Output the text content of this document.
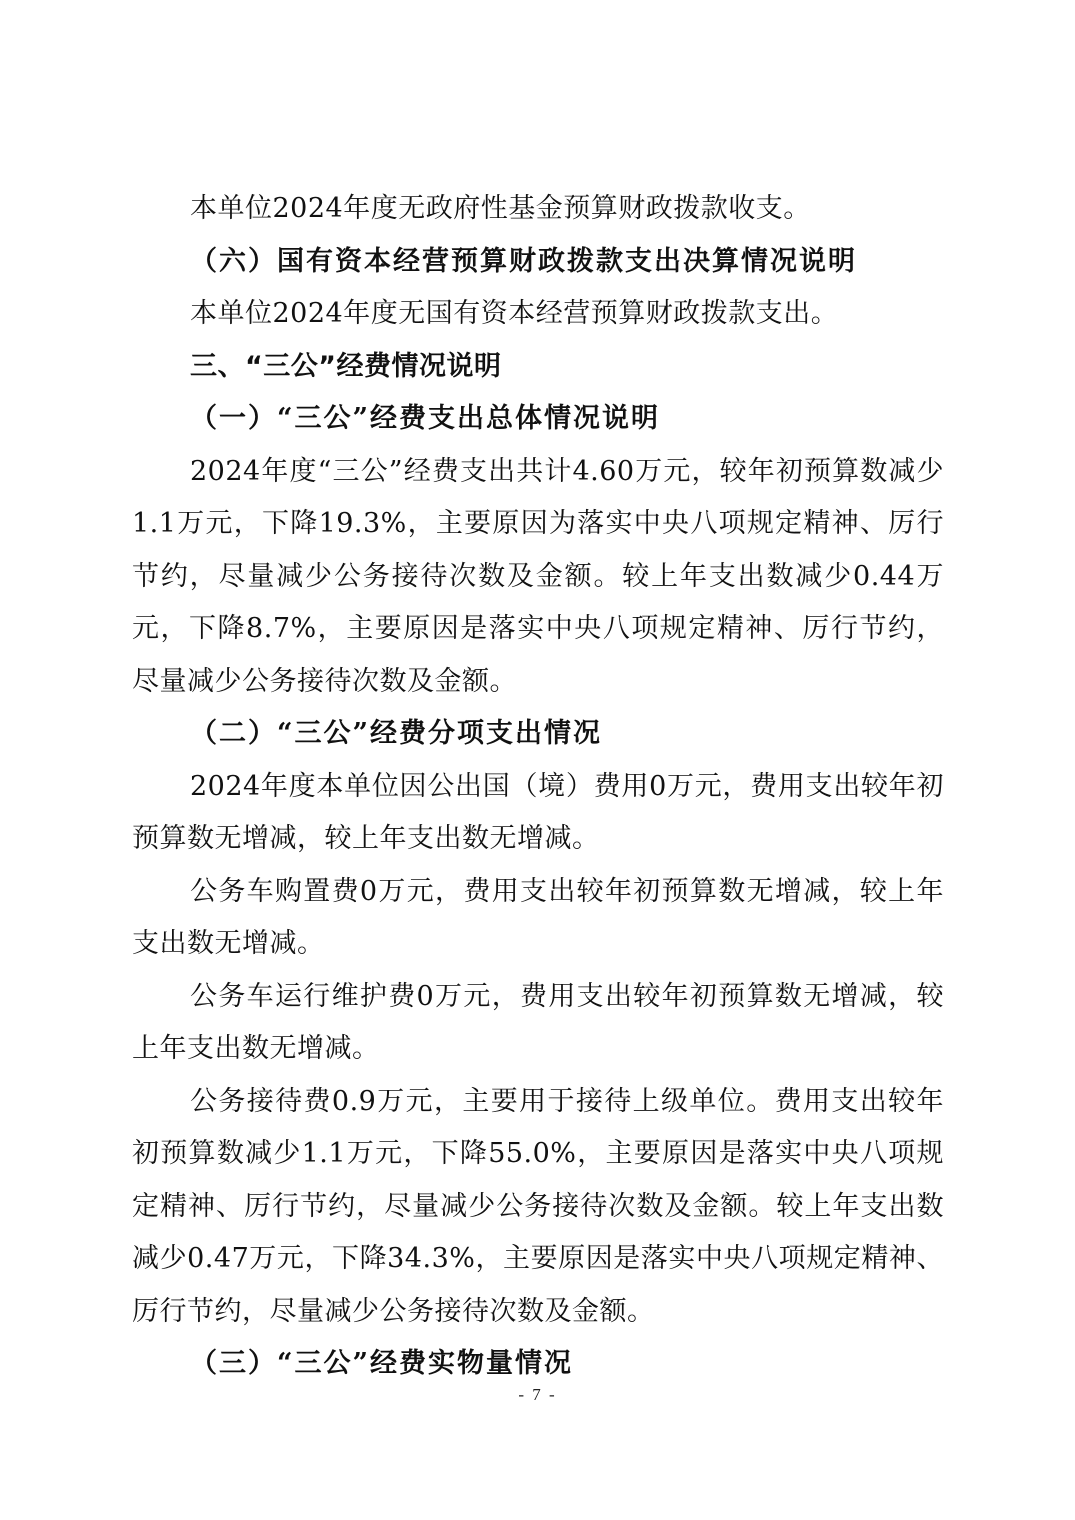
本单位2024年度无政府性基金预算财政拨款收支。

（六）国有资本经营预算财政拨款支出决算情况说明

本单位2024年度无国有资本经营预算财政拨款支出。

三、“三公”经费情况说明

（一）“三公”经费支出总体情况说明

2024年度“三公”经费支出共计4.60万元，较年初预算数减少1.1万元，下降19.3%，主要原因为落实中央八项规定精神、厉行节约，尽量减少公务接待次数及金额。较上年支出数减少0.44万元，下降8.7%，主要原因是落实中央八项规定精神、厉行节约，尽量减少公务接待次数及金额。

（二）“三公”经费分项支出情况

2024年度本单位因公出国（境）费用0万元，费用支出较年初预算数无增减，较上年支出数无增减。

公务车购置费0万元，费用支出较年初预算数无增减，较上年支出数无增减。

公务车运行维护费0万元，费用支出较年初预算数无增减，较上年支出数无增减。

公务接待费0.9万元，主要用于接待上级单位。费用支出较年初预算数减少1.1万元，下降55.0%，主要原因是落实中央八项规定精神、厉行节约，尽量减少公务接待次数及金额。较上年支出数减少0.47万元，下降34.3%，主要原因是落实中央八项规定精神、厉行节约，尽量减少公务接待次数及金额。

（三）“三公”经费实物量情况

- 7 -
